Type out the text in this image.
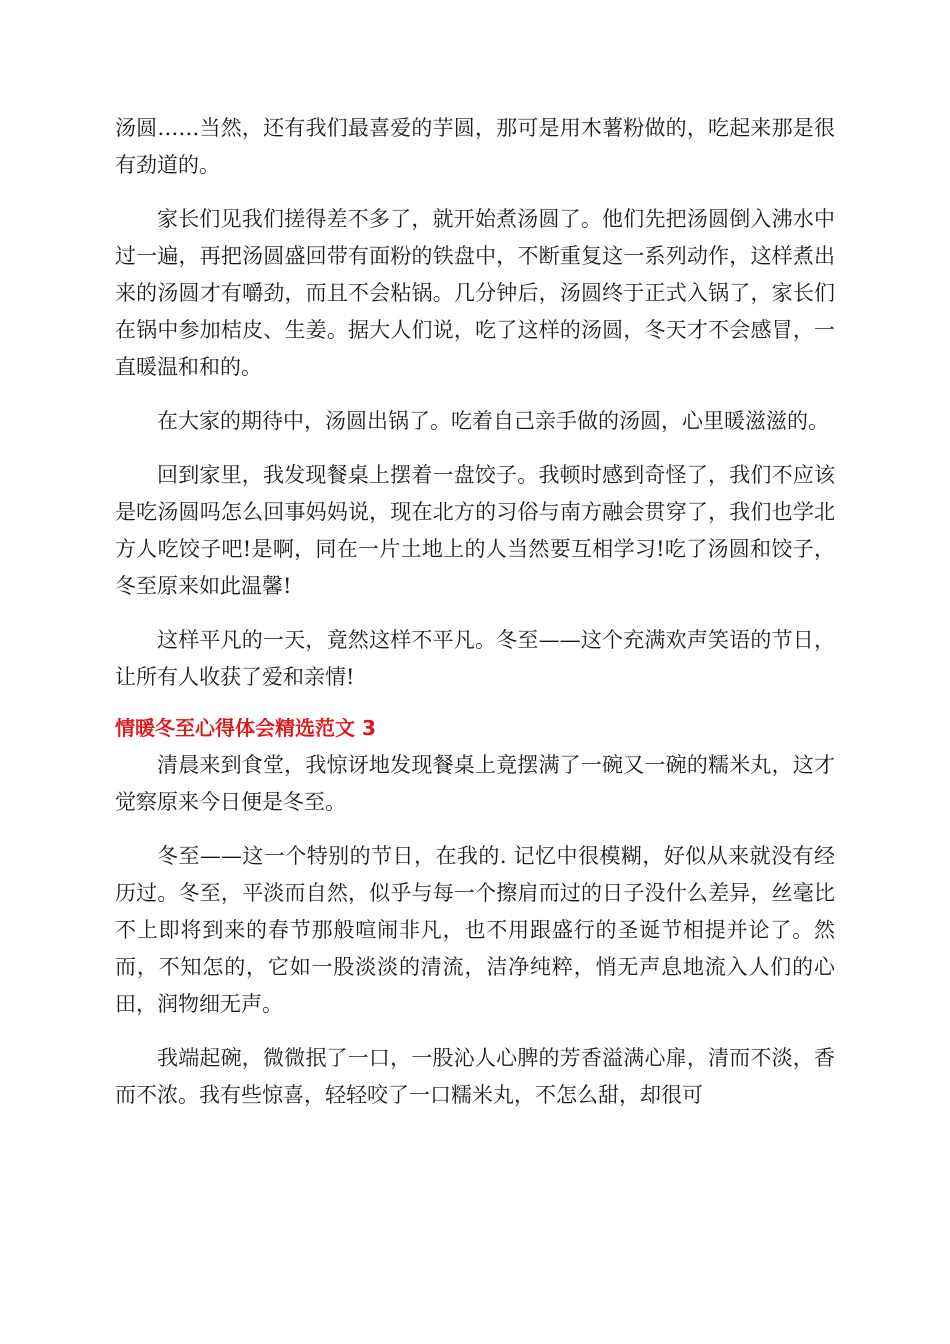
汤圆……当然，还有我们最喜爱的芋圆，那可是用木薯粉做的，吃起来那是很有劲道的。

家长们见我们搓得差不多了，就开始煮汤圆了。他们先把汤圆倒入沸水中过一遍，再把汤圆盛回带有面粉的铁盘中，不断重复这一系列动作，这样煮出来的汤圆才有嚼劲，而且不会粘锅。几分钟后，汤圆终于正式入锅了，家长们在锅中参加桔皮、生姜。据大人们说，吃了这样的汤圆，冬天才不会感冒，一直暖温和和的。

在大家的期待中，汤圆出锅了。吃着自己亲手做的汤圆，心里暖滋滋的。

回到家里，我发现餐桌上摆着一盘饺子。我顿时感到奇怪了，我们不应该是吃汤圆吗怎么回事妈妈说，现在北方的习俗与南方融会贯穿了，我们也学北方人吃饺子吧!是啊，同在一片土地上的人当然要互相学习!吃了汤圆和饺子，冬至原来如此温馨!

这样平凡的一天，竟然这样不平凡。冬至——这个充满欢声笑语的节日，让所有人收获了爱和亲情!

情暖冬至心得体会精选范文 3

清晨来到食堂，我惊讶地发现餐桌上竟摆满了一碗又一碗的糯米丸，这才觉察原来今日便是冬至。

冬至——这一个特别的节日，在我的. 记忆中很模糊，好似从来就没有经历过。冬至，平淡而自然，似乎与每一个擦肩而过的日子没什么差异，丝毫比不上即将到来的春节那般喧闹非凡，也不用跟盛行的圣诞节相提并论了。然而，不知怎的，它如一股淡淡的清流，洁净纯粹，悄无声息地流入人们的心田，润物细无声。

我端起碗，微微抿了一口，一股沁人心脾的芳香溢满心扉，清而不淡，香而不浓。我有些惊喜，轻轻咬了一口糯米丸，不怎么甜，却很可
